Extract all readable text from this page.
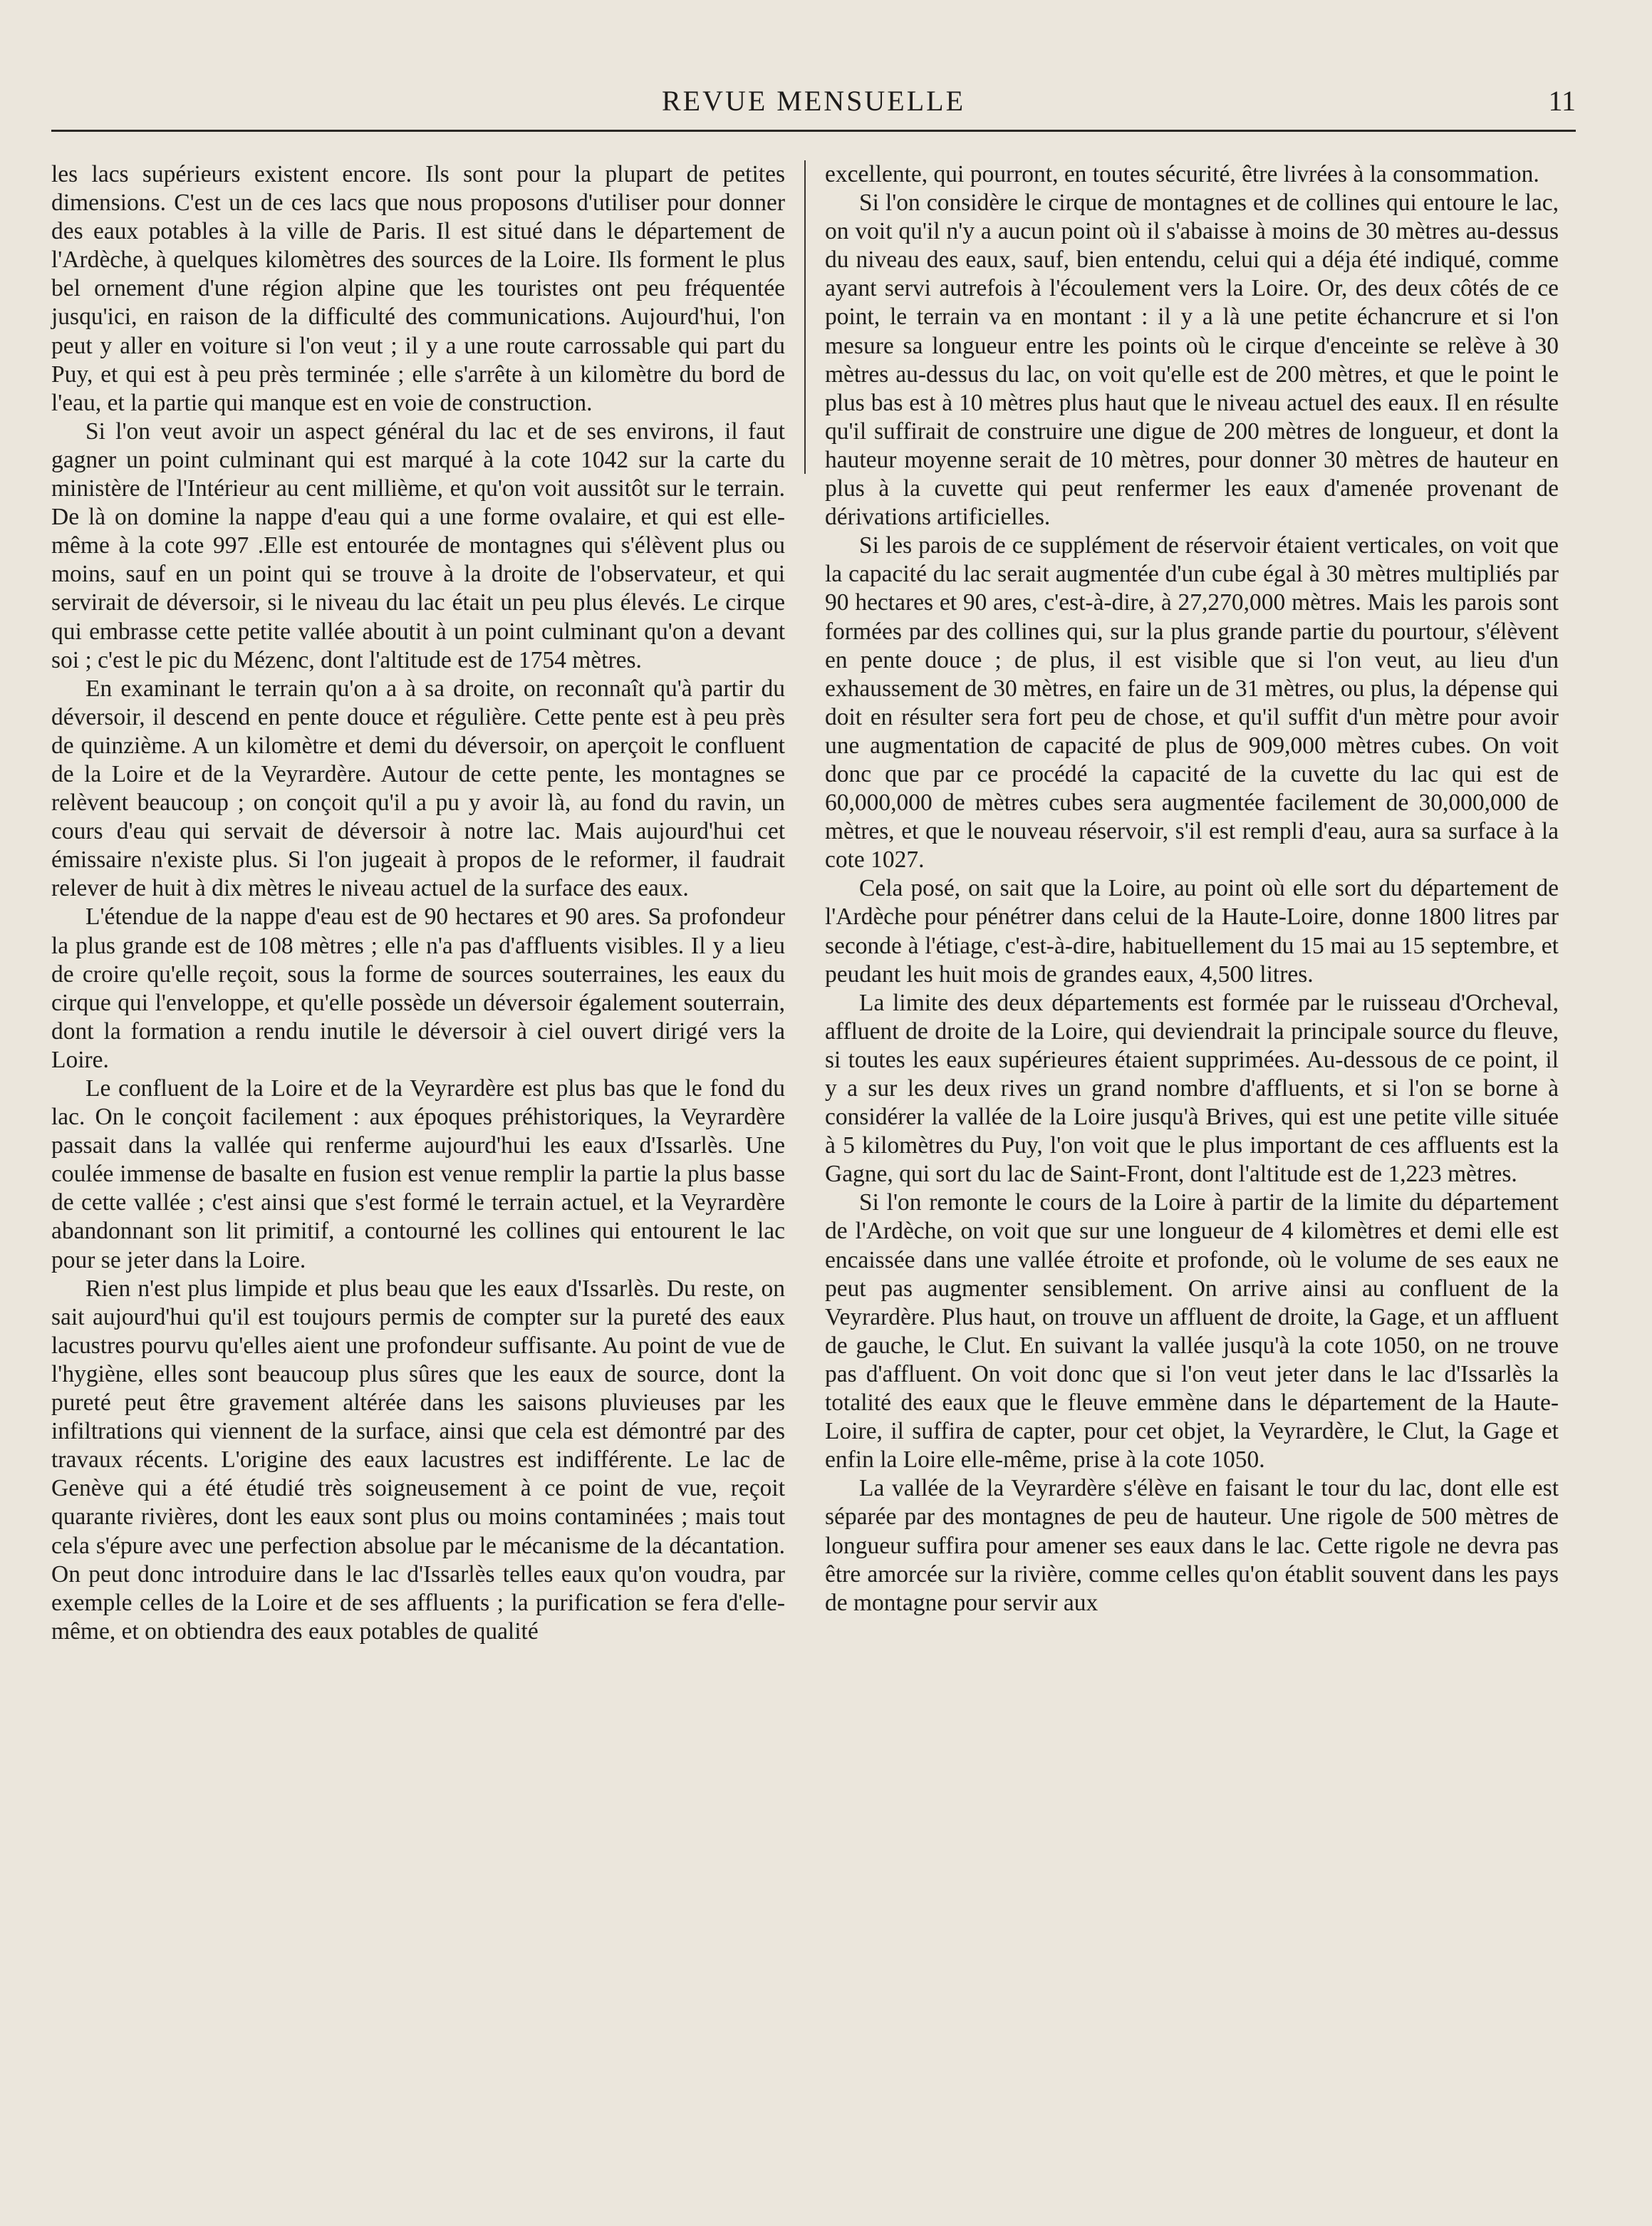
REVUE MENSUELLE	11

les lacs supérieurs existent encore. Ils sont pour la plupart de petites dimensions. C'est un de ces lacs que nous proposons d'utiliser pour donner des eaux potables à la ville de Paris. Il est situé dans le département de l'Ardèche, à quelques kilomètres des sources de la Loire. Ils forment le plus bel ornement d'une région alpine que les touristes ont peu fréquentée jusqu'ici, en raison de la difficulté des communications. Aujourd'hui, l'on peut y aller en voiture si l'on veut ; il y a une route carrossable qui part du Puy, et qui est à peu près terminée ; elle s'arrête à un kilomètre du bord de l'eau, et la partie qui manque est en voie de construction.

Si l'on veut avoir un aspect général du lac et de ses environs, il faut gagner un point culminant qui est marqué à la cote 1042 sur la carte du ministère de l'Intérieur au cent millième, et qu'on voit aussitôt sur le terrain. De là on domine la nappe d'eau qui a une forme ovalaire, et qui est elle-même à la cote 997 .Elle est entourée de montagnes qui s'élèvent plus ou moins, sauf en un point qui se trouve à la droite de l'observateur, et qui servirait de déversoir, si le niveau du lac était un peu plus élevés. Le cirque qui embrasse cette petite vallée aboutit à un point culminant qu'on a devant soi ; c'est le pic du Mézenc, dont l'altitude est de 1754 mètres.

En examinant le terrain qu'on a à sa droite, on reconnaît qu'à partir du déversoir, il descend en pente douce et régulière. Cette pente est à peu près de quinzième. A un kilomètre et demi du déversoir, on aperçoit le confluent de la Loire et de la Veyrardère. Autour de cette pente, les montagnes se relèvent beaucoup ; on conçoit qu'il a pu y avoir là, au fond du ravin, un cours d'eau qui servait de déversoir à notre lac. Mais aujourd'hui cet émissaire n'existe plus. Si l'on jugeait à propos de le reformer, il faudrait relever de huit à dix mètres le niveau actuel de la surface des eaux.

L'étendue de la nappe d'eau est de 90 hectares et 90 ares. Sa profondeur la plus grande est de 108 mètres ; elle n'a pas d'affluents visibles. Il y a lieu de croire qu'elle reçoit, sous la forme de sources souterraines, les eaux du cirque qui l'enveloppe, et qu'elle possède un déversoir également souterrain, dont la formation a rendu inutile le déversoir à ciel ouvert dirigé vers la Loire.

Le confluent de la Loire et de la Veyrardère est plus bas que le fond du lac. On le conçoit facilement : aux époques préhistoriques, la Veyrardère passait dans la vallée qui renferme aujourd'hui les eaux d'Issarlès. Une coulée immense de basalte en fusion est venue remplir la partie la plus basse de cette vallée ; c'est ainsi que s'est formé le terrain actuel, et la Veyrardère abandonnant son lit primitif, a contourné les collines qui entourent le lac pour se jeter dans la Loire.

Rien n'est plus limpide et plus beau que les eaux d'Issarlès. Du reste, on sait aujourd'hui qu'il est toujours permis de compter sur la pureté des eaux lacustres pourvu qu'elles aient une profondeur suffisante. Au point de vue de l'hygiène, elles sont beaucoup plus sûres que les eaux de source, dont la pureté peut être gravement altérée dans les saisons pluvieuses par les infiltrations qui viennent de la surface, ainsi que cela est démontré par des travaux récents. L'origine des eaux lacustres est indifférente. Le lac de Genève qui a été étudié très soigneusement à ce point de vue, reçoit quarante rivières, dont les eaux sont plus ou moins contaminées ; mais tout cela s'épure avec une perfection absolue par le mécanisme de la décantation. On peut donc introduire dans le lac d'Issarlès telles eaux qu'on voudra, par exemple celles de la Loire et de ses affluents ; la purification se fera d'elle-même, et on obtiendra des eaux potables de qualité

excellente, qui pourront, en toutes sécurité, être livrées à la consommation.

Si l'on considère le cirque de montagnes et de collines qui entoure le lac, on voit qu'il n'y a aucun point où il s'abaisse à moins de 30 mètres au-dessus du niveau des eaux, sauf, bien entendu, celui qui a déja été indiqué, comme ayant servi autrefois à l'écoulement vers la Loire. Or, des deux côtés de ce point, le terrain va en montant : il y a là une petite échancrure et si l'on mesure sa longueur entre les points où le cirque d'enceinte se relève à 30 mètres au-dessus du lac, on voit qu'elle est de 200 mètres, et que le point le plus bas est à 10 mètres plus haut que le niveau actuel des eaux. Il en résulte qu'il suffirait de construire une digue de 200 mètres de longueur, et dont la hauteur moyenne serait de 10 mètres, pour donner 30 mètres de hauteur en plus à la cuvette qui peut renfermer les eaux d'amenée provenant de dérivations artificielles.

Si les parois de ce supplément de réservoir étaient verticales, on voit que la capacité du lac serait augmentée d'un cube égal à 30 mètres multipliés par 90 hectares et 90 ares, c'est-à-dire, à 27,270,000 mètres. Mais les parois sont formées par des collines qui, sur la plus grande partie du pourtour, s'élèvent en pente douce ; de plus, il est visible que si l'on veut, au lieu d'un exhaussement de 30 mètres, en faire un de 31 mètres, ou plus, la dépense qui doit en résulter sera fort peu de chose, et qu'il suffit d'un mètre pour avoir une augmentation de capacité de plus de 909,000 mètres cubes. On voit donc que par ce procédé la capacité de la cuvette du lac qui est de 60,000,000 de mètres cubes sera augmentée facilement de 30,000,000 de mètres, et que le nouveau réservoir, s'il est rempli d'eau, aura sa surface à la cote 1027.

Cela posé, on sait que la Loire, au point où elle sort du département de l'Ardèche pour pénétrer dans celui de la Haute-Loire, donne 1800 litres par seconde à l'étiage, c'est-à-dire, habituellement du 15 mai au 15 septembre, et peudant les huit mois de grandes eaux, 4,500 litres.

La limite des deux départements est formée par le ruisseau d'Orcheval, affluent de droite de la Loire, qui deviendrait la principale source du fleuve, si toutes les eaux supérieures étaient supprimées. Au-dessous de ce point, il y a sur les deux rives un grand nombre d'affluents, et si l'on se borne à considérer la vallée de la Loire jusqu'à Brives, qui est une petite ville située à 5 kilomètres du Puy, l'on voit que le plus important de ces affluents est la Gagne, qui sort du lac de Saint-Front, dont l'altitude est de 1,223 mètres.

Si l'on remonte le cours de la Loire à partir de la limite du département de l'Ardèche, on voit que sur une longueur de 4 kilomètres et demi elle est encaissée dans une vallée étroite et profonde, où le volume de ses eaux ne peut pas augmenter sensiblement. On arrive ainsi au confluent de la Veyrardère. Plus haut, on trouve un affluent de droite, la Gage, et un affluent de gauche, le Clut. En suivant la vallée jusqu'à la cote 1050, on ne trouve pas d'affluent. On voit donc que si l'on veut jeter dans le lac d'Issarlès la totalité des eaux que le fleuve emmène dans le département de la Haute-Loire, il suffira de capter, pour cet objet, la Veyrardère, le Clut, la Gage et enfin la Loire elle-même, prise à la cote 1050.

La vallée de la Veyrardère s'élève en faisant le tour du lac, dont elle est séparée par des montagnes de peu de hauteur. Une rigole de 500 mètres de longueur suffira pour amener ses eaux dans le lac. Cette rigole ne devra pas être amorcée sur la rivière, comme celles qu'on établit souvent dans les pays de montagne pour servir aux
